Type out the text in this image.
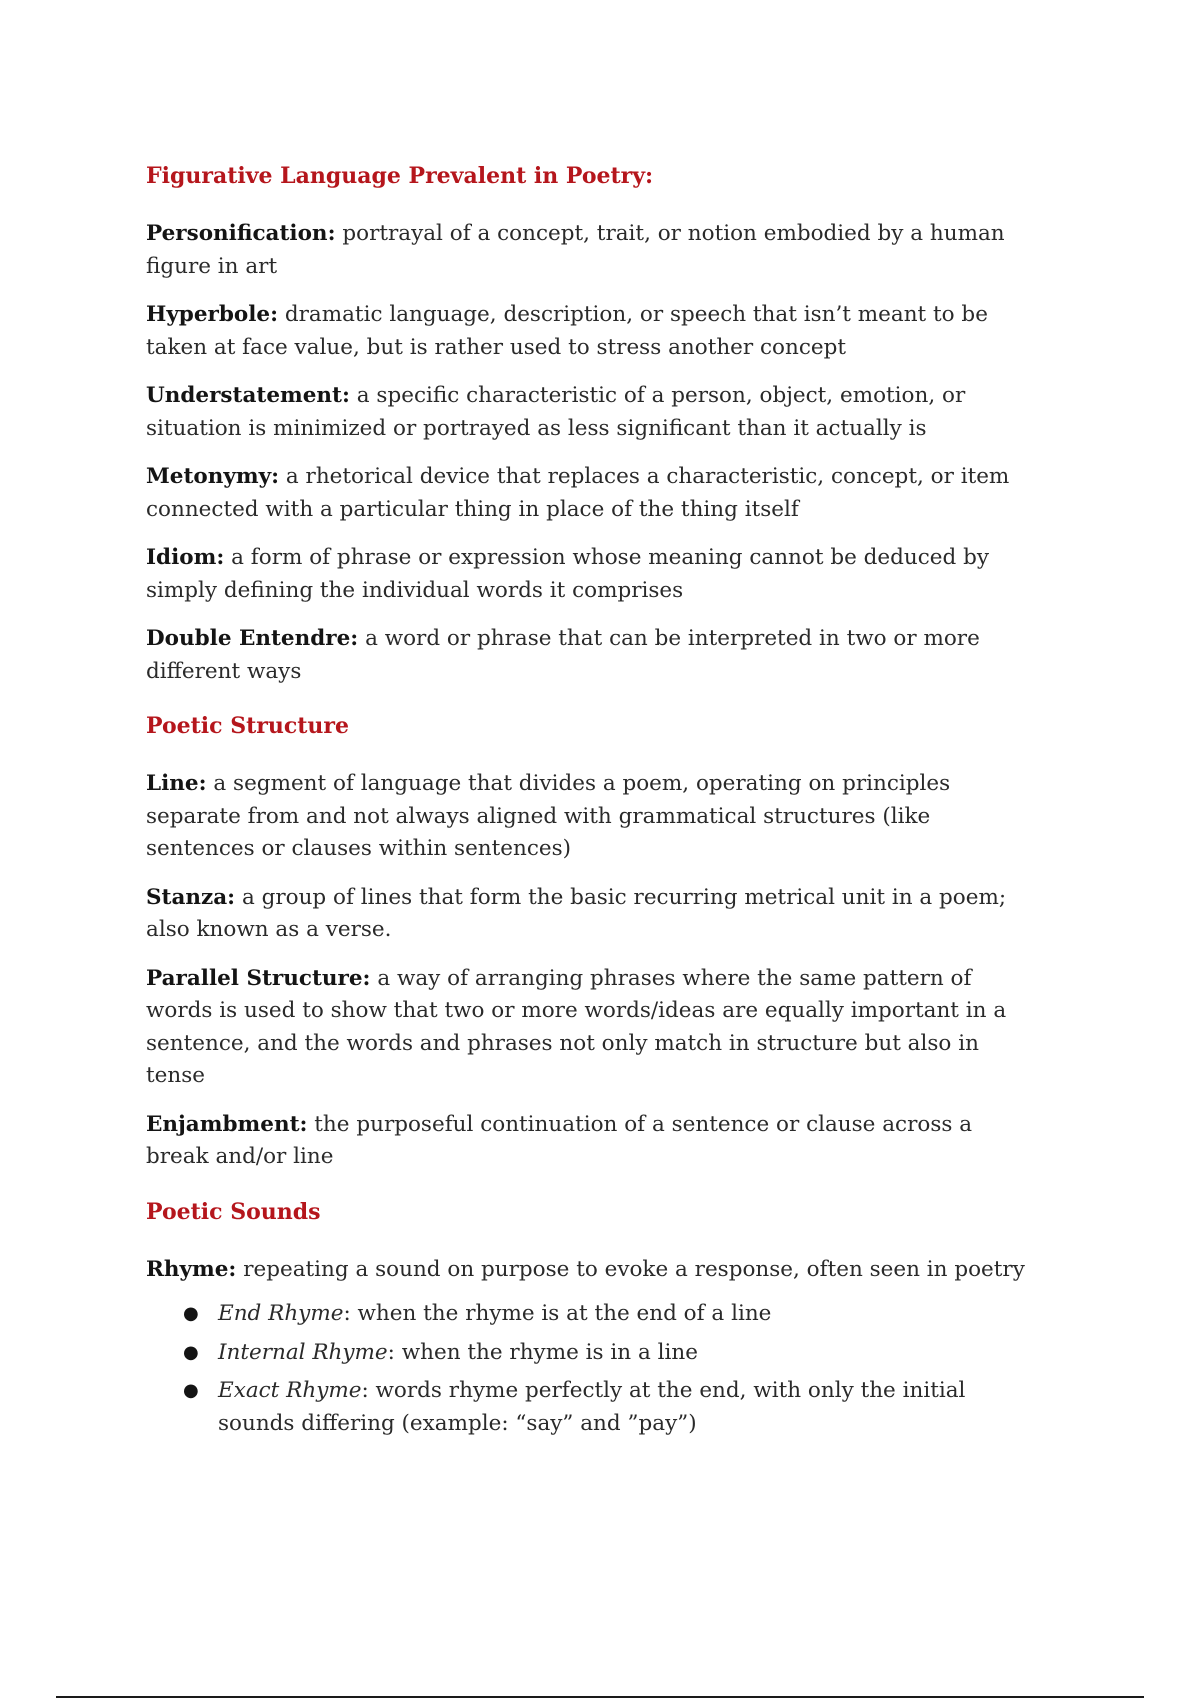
Figurative Language Prevalent in Poetry:

Personification: portrayal of a concept, trait, or notion embodied by a human figure in art

Hyperbole: dramatic language, description, or speech that isn’t meant to be taken at face value, but is rather used to stress another concept

Understatement: a specific characteristic of a person, object, emotion, or situation is minimized or portrayed as less significant than it actually is

Metonymy: a rhetorical device that replaces a characteristic, concept, or item connected with a particular thing in place of the thing itself

Idiom: a form of phrase or expression whose meaning cannot be deduced by simply defining the individual words it comprises

Double Entendre: a word or phrase that can be interpreted in two or more different ways

Poetic Structure

Line: a segment of language that divides a poem, operating on principles separate from and not always aligned with grammatical structures (like sentences or clauses within sentences)

Stanza: a group of lines that form the basic recurring metrical unit in a poem; also known as a verse.

Parallel Structure: a way of arranging phrases where the same pattern of words is used to show that two or more words/ideas are equally important in a sentence, and the words and phrases not only match in structure but also in tense

Enjambment: the purposeful continuation of a sentence or clause across a break and/or line

Poetic Sounds

Rhyme: repeating a sound on purpose to evoke a response, often seen in poetry

● End Rhyme: when the rhyme is at the end of a line
● Internal Rhyme: when the rhyme is in a line
● Exact Rhyme: words rhyme perfectly at the end, with only the initial sounds differing (example: “say” and ”pay”)
